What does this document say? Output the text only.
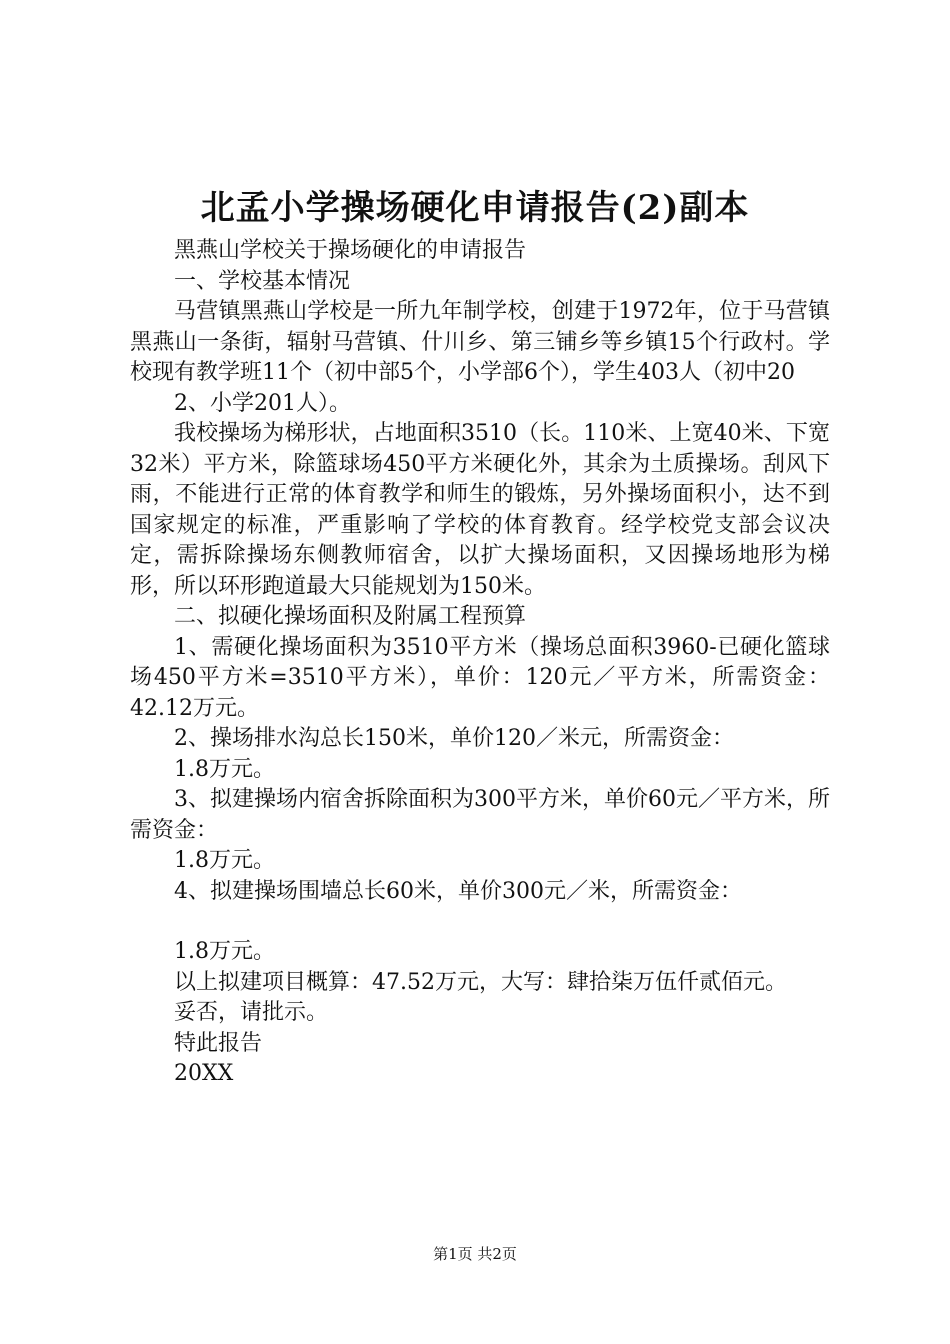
北孟小学操场硬化申请报告(2)副本

黑燕山学校关于操场硬化的申请报告

一、学校基本情况

马营镇黑燕山学校是一所九年制学校，创建于1972年，位于马营镇黑燕山一条街，辐射马营镇、什川乡、第三铺乡等乡镇15个行政村。学校现有教学班11个（初中部5个，小学部6个），学生403人（初中20

2、小学201人）。

我校操场为梯形状，占地面积3510（长。110米、上宽40米、下宽32米）平方米，除篮球场450平方米硬化外，其余为土质操场。刮风下雨，不能进行正常的体育教学和师生的锻炼，另外操场面积小，达不到国家规定的标准，严重影响了学校的体育教育。经学校党支部会议决定，需拆除操场东侧教师宿舍，以扩大操场面积，又因操场地形为梯形，所以环形跑道最大只能规划为150米。

二、拟硬化操场面积及附属工程预算

1、需硬化操场面积为3510平方米（操场总面积3960-已硬化篮球场450平方米=3510平方米），单价：120元／平方米，所需资金：42.12万元。

2、操场排水沟总长150米，单价120／米元，所需资金：

1.8万元。

3、拟建操场内宿舍拆除面积为300平方米，单价60元／平方米，所需资金：

1.8万元。

4、拟建操场围墙总长60米，单价300元／米，所需资金：

1.8万元。

以上拟建项目概算：47.52万元，大写：肆拾柒万伍仟贰佰元。

妥否，请批示。

特此报告

20XX

第1页 共2页
